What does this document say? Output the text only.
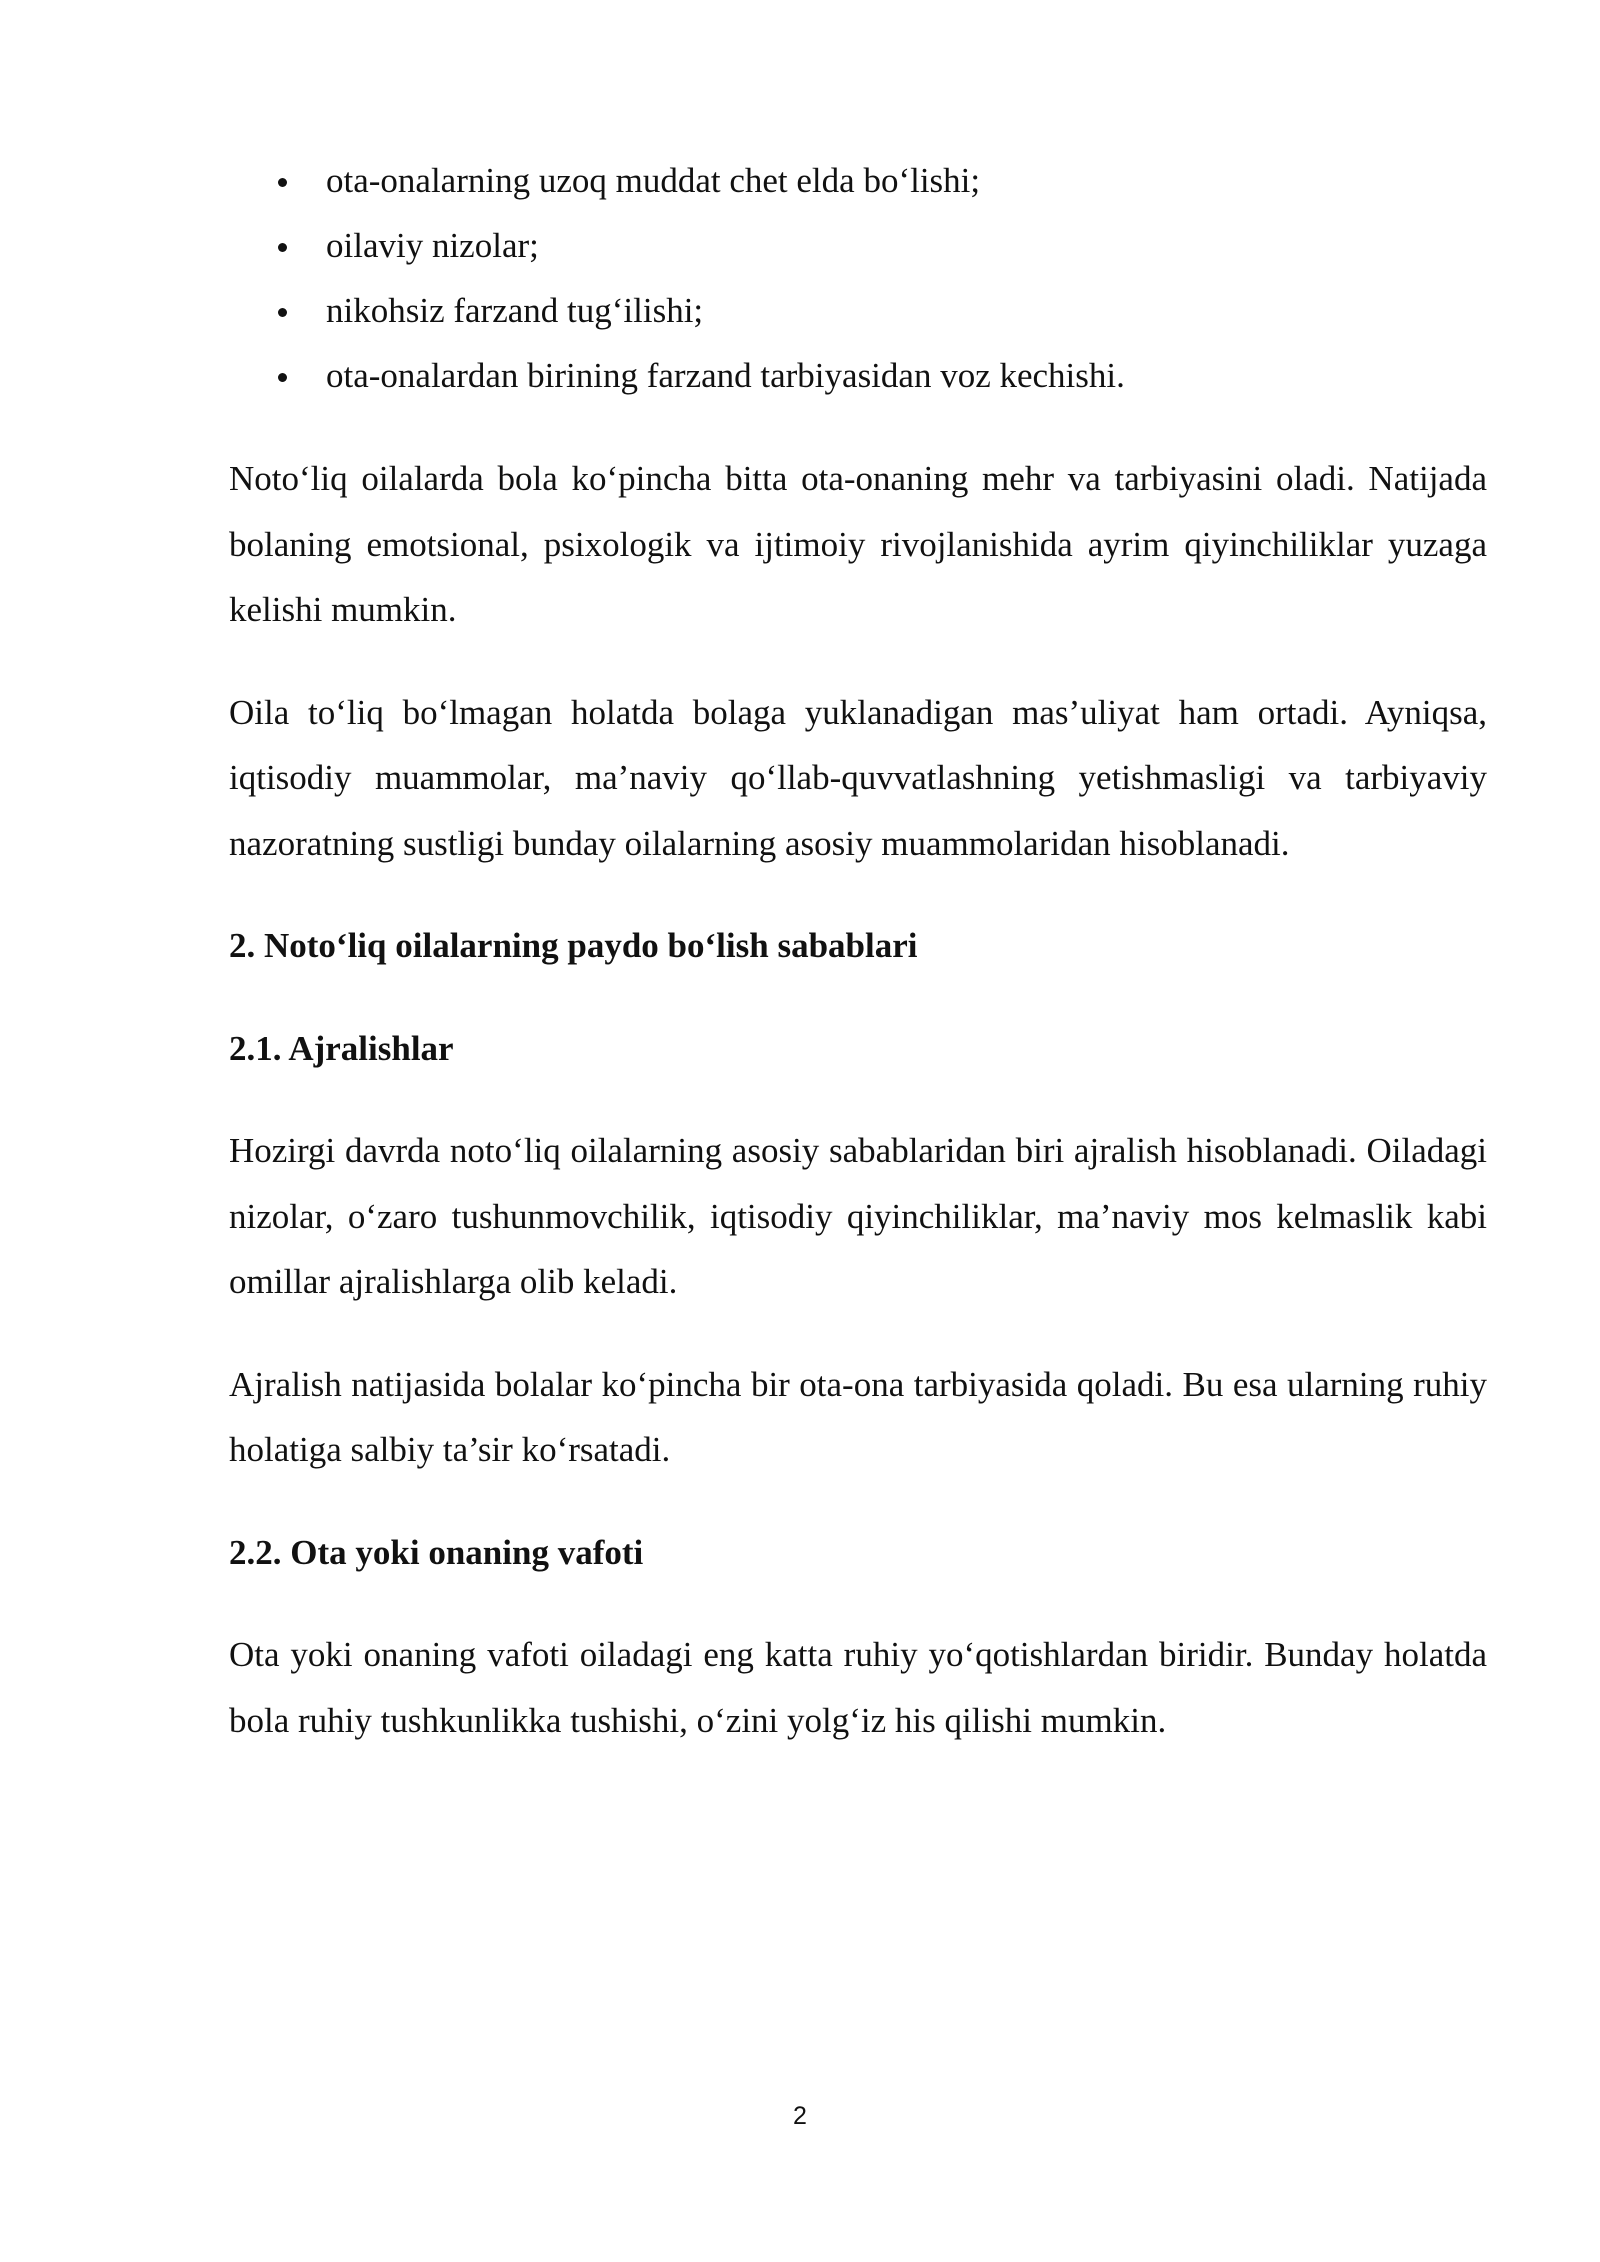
ota-onalarning uzoq muddat chet elda bo‘lishi;
oilaviy nizolar;
nikohsiz farzand tug‘ilishi;
ota-onalardan birining farzand tarbiyasidan voz kechishi.

Noto‘liq oilalarda bola ko‘pincha bitta ota-onaning mehr va tarbiyasini oladi. Natijada bolaning emotsional, psixologik va ijtimoiy rivojlanishida ayrim qiyinchiliklar yuzaga kelishi mumkin.

Oila to‘liq bo‘lmagan holatda bolaga yuklanadigan mas’uliyat ham ortadi. Ayniqsa, iqtisodiy muammolar, ma’naviy qo‘llab-quvvatlashning yetishmasligi va tarbiyaviy nazoratning sustligi bunday oilalarning asosiy muammolaridan hisoblanadi.

2. Noto‘liq oilalarning paydo bo‘lish sabablari
2.1. Ajralishlar

Hozirgi davrda noto‘liq oilalarning asosiy sabablaridan biri ajralish hisoblanadi. Oiladagi nizolar, o‘zaro tushunmovchilik, iqtisodiy qiyinchiliklar, ma’naviy mos kelmaslik kabi omillar ajralishlarga olib keladi.

Ajralish natijasida bolalar ko‘pincha bir ota-ona tarbiyasida qoladi. Bu esa ularning ruhiy holatiga salbiy ta’sir ko‘rsatadi.

2.2. Ota yoki onaning vafoti

Ota yoki onaning vafoti oiladagi eng katta ruhiy yo‘qotishlardan biridir. Bunday holatda bola ruhiy tushkunlikka tushishi, o‘zini yolg‘iz his qilishi mumkin.

2
